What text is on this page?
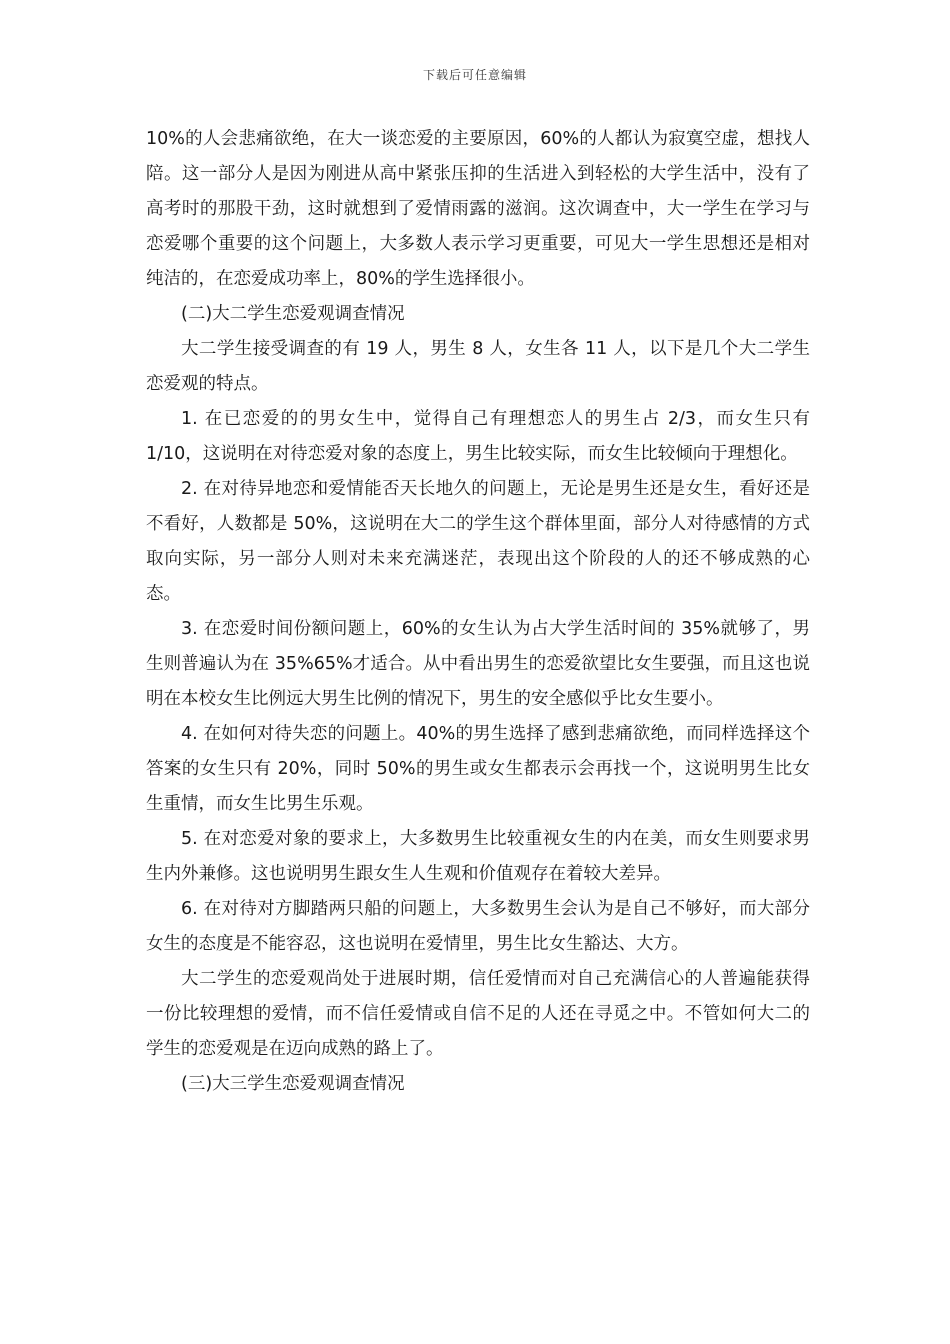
下载后可任意编辑

10%的人会悲痛欲绝，在大一谈恋爱的主要原因，60%的人都认为寂寞空虚，想找人陪。这一部分人是因为刚进从高中紧张压抑的生活进入到轻松的大学生活中，没有了高考时的那股干劲，这时就想到了爱情雨露的滋润。这次调查中，大一学生在学习与恋爱哪个重要的这个问题上，大多数人表示学习更重要，可见大一学生思想还是相对纯洁的，在恋爱成功率上，80%的学生选择很小。

(二)大二学生恋爱观调查情况

大二学生接受调查的有 19 人，男生 8 人，女生各 11 人，以下是几个大二学生恋爱观的特点。

1. 在已恋爱的的男女生中，觉得自己有理想恋人的男生占 2/3，而女生只有 1/10，这说明在对待恋爱对象的态度上，男生比较实际，而女生比较倾向于理想化。

2. 在对待异地恋和爱情能否天长地久的问题上，无论是男生还是女生，看好还是不看好，人数都是 50%，这说明在大二的学生这个群体里面，部分人对待感情的方式取向实际，另一部分人则对未来充满迷茫，表现出这个阶段的人的还不够成熟的心态。

3. 在恋爱时间份额问题上，60%的女生认为占大学生活时间的 35%就够了，男生则普遍认为在 35%65%才适合。从中看出男生的恋爱欲望比女生要强，而且这也说明在本校女生比例远大男生比例的情况下，男生的安全感似乎比女生要小。

4. 在如何对待失恋的问题上。40%的男生选择了感到悲痛欲绝，而同样选择这个答案的女生只有 20%，同时 50%的男生或女生都表示会再找一个，这说明男生比女生重情，而女生比男生乐观。

5. 在对恋爱对象的要求上，大多数男生比较重视女生的内在美，而女生则要求男生内外兼修。这也说明男生跟女生人生观和价值观存在着较大差异。

6. 在对待对方脚踏两只船的问题上，大多数男生会认为是自己不够好，而大部分女生的态度是不能容忍，这也说明在爱情里，男生比女生豁达、大方。

大二学生的恋爱观尚处于进展时期，信任爱情而对自己充满信心的人普遍能获得一份比较理想的爱情，而不信任爱情或自信不足的人还在寻觅之中。不管如何大二的学生的恋爱观是在迈向成熟的路上了。

(三)大三学生恋爱观调查情况
